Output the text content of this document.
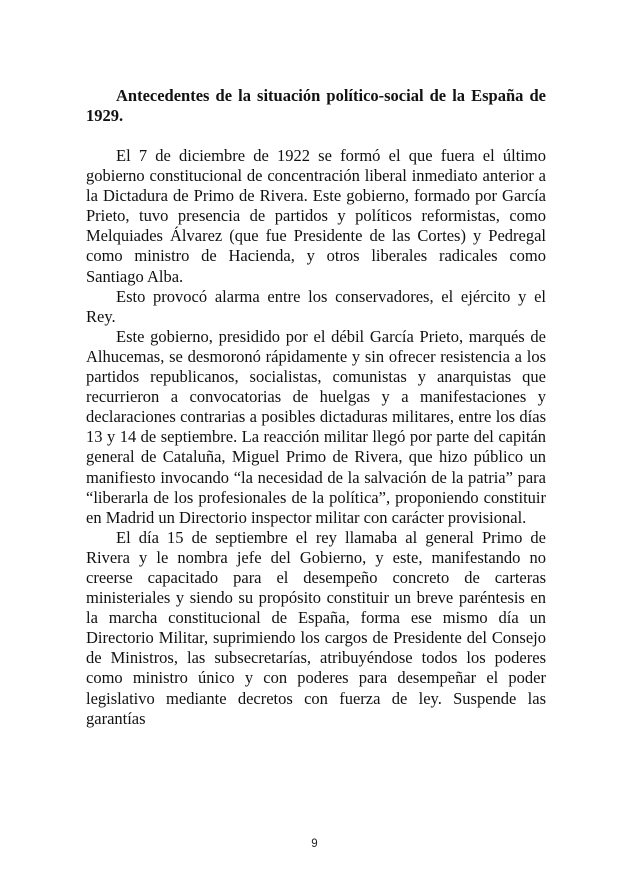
Antecedentes de la situación político-social de la España de 1929.

El 7 de diciembre de 1922 se formó el que fuera el último gobierno constitucional de concentración liberal inmediato anterior a la Dictadura de Primo de Rivera. Este gobierno, formado por García Prieto, tuvo presencia de partidos y políticos reformistas, como Melquiades Álvarez (que fue Presidente de las Cortes) y Pedregal como ministro de Hacienda, y otros liberales radicales como Santiago Alba.

Esto provocó alarma entre los conservadores, el ejército y el Rey.

Este gobierno, presidido por el débil García Prieto, marqués de Alhucemas, se desmoronó rápidamente y sin ofrecer resistencia a los partidos republicanos, socialistas, comunistas y anarquistas que recurrieron a convocatorias de huelgas y a manifestaciones y declaraciones contrarias a posibles dictaduras militares, entre los días 13 y 14 de septiembre. La reacción militar llegó por parte del capitán general de Cataluña, Miguel Primo de Rivera, que hizo público un manifiesto invocando “la necesidad de la salvación de la patria” para “liberarla de los profesionales de la política”, proponiendo constituir en Madrid un Directorio inspector militar con carácter provisional.

El día 15 de septiembre el rey llamaba al general Primo de Rivera y le nombra jefe del Gobierno, y este, manifestando no creerse capacitado para el desempeño concreto de carteras ministeriales y siendo su propósito constituir un breve paréntesis en la marcha constitucional de España, forma ese mismo día un Directorio Militar, suprimiendo los cargos de Presidente del Consejo de Ministros, las subsecretarías, atribuyéndose todos los poderes como ministro único y con poderes para desempeñar el poder legislativo mediante decretos con fuerza de ley. Suspende las garantías

9
